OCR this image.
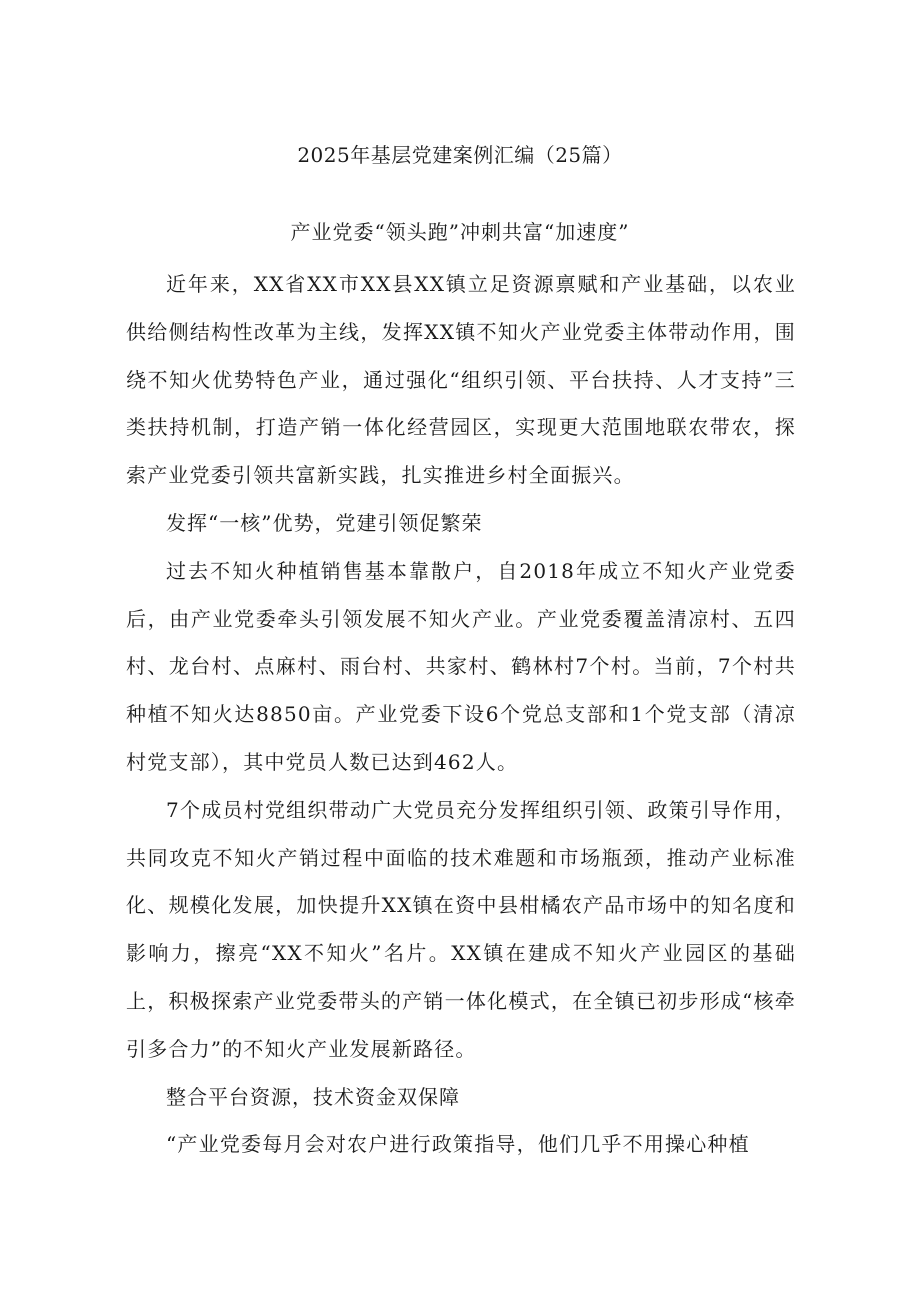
2025年基层党建案例汇编（25篇）
产业党委“领头跑”冲刺共富“加速度”

近年来，XX省XX市XX县XX镇立足资源禀赋和产业基础，以农业供给侧结构性改革为主线，发挥XX镇不知火产业党委主体带动作用，围绕不知火优势特色产业，通过强化“组织引领、平台扶持、人才支持”三类扶持机制，打造产销一体化经营园区，实现更大范围地联农带农，探索产业党委引领共富新实践，扎实推进乡村全面振兴。

发挥“一核”优势，党建引领促繁荣

过去不知火种植销售基本靠散户，自2018年成立不知火产业党委后，由产业党委牵头引领发展不知火产业。产业党委覆盖清凉村、五四村、龙台村、点麻村、雨台村、共家村、鹤林村7个村。当前，7个村共种植不知火达8850亩。产业党委下设6个党总支部和1个党支部（清凉村党支部），其中党员人数已达到462人。

7个成员村党组织带动广大党员充分发挥组织引领、政策引导作用，共同攻克不知火产销过程中面临的技术难题和市场瓶颈，推动产业标准化、规模化发展，加快提升XX镇在资中县柑橘农产品市场中的知名度和影响力，擦亮“XX不知火”名片。XX镇在建成不知火产业园区的基础上，积极探索产业党委带头的产销一体化模式，在全镇已初步形成“核牵引多合力”的不知火产业发展新路径。

整合平台资源，技术资金双保障

“产业党委每月会对农户进行政策指导，他们几乎不用操心种植
